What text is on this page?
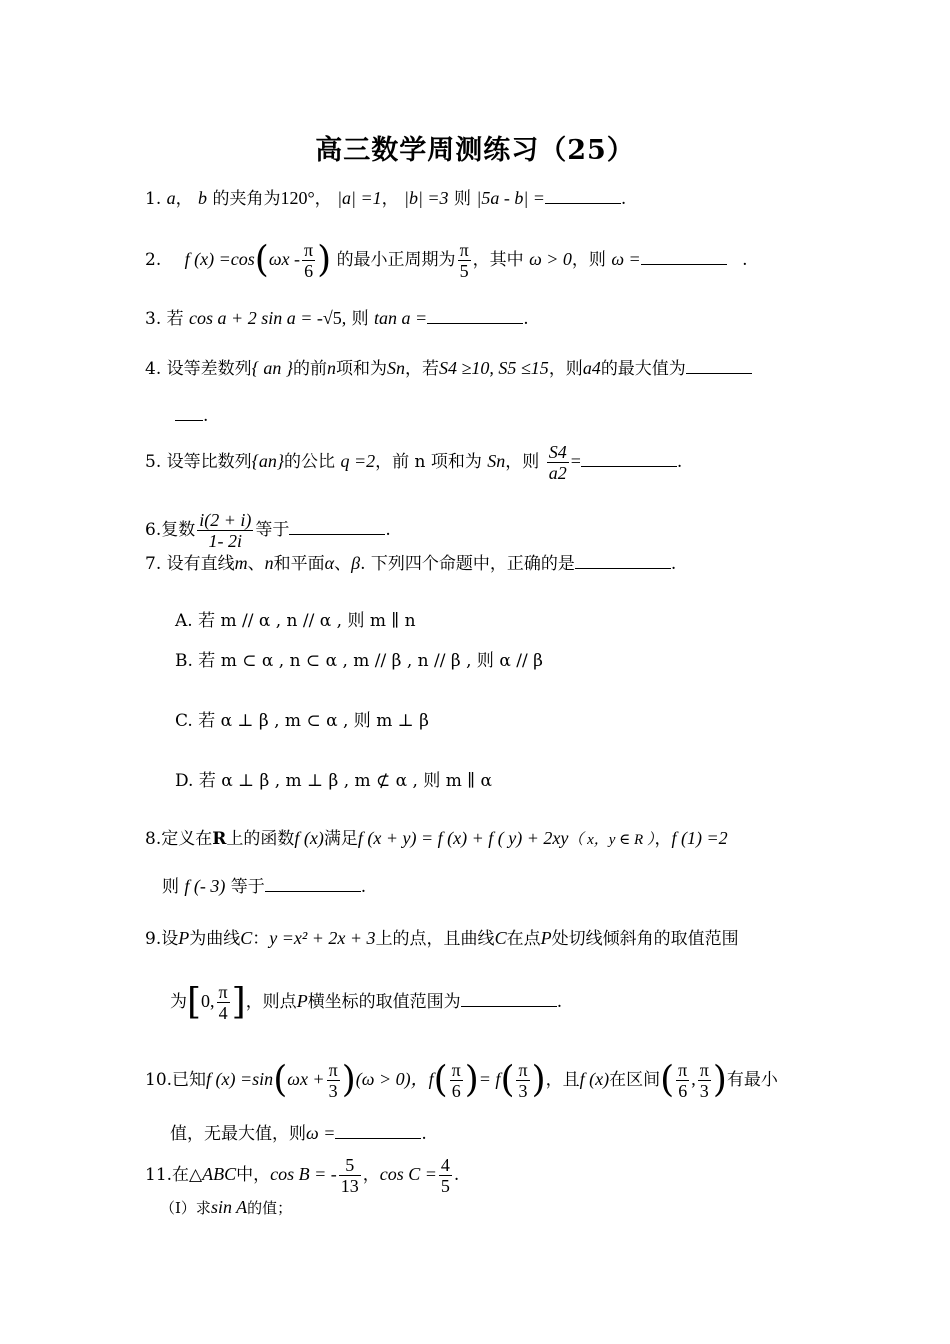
高三数学周测练习（25）
1. a， b 的夹角为120°， |a| =1， |b| =3 则 |5a - b| =	.
2. f $(x) =\cos(\omega x - \frac{\pi}{6}$ ) 的最小正周期为 $\frac{\pi}{5}$ ，其中 ω > 0，则 ω =	.
3. 若 cos a + 2 sin a = -√5, 则 tan a =	.
4. 设等差数列{ an }的前n项和为Sn，若S4 ≥10, S5 ≤15，则a4的最大值为
.
5. 设等比数列{an}的公比 q =2，前 n 项和为 Sn，则 $\frac{S4}{a2}$ =	.
6.复数 $\frac{i(2 + i)}{1- 2i}$ 等于	.
7. 设有直线m、n和平面α、β. 下列四个命题中，正确的是	.
A. 若 m // α , n // α , 则 m ∥ n
B. 若 m ⊂ α , n ⊂ α , m // β , n // β , 则 α // β
C. 若 α ⊥ β , m ⊂ α , 则 m ⊥ β
D. 若 α ⊥ β , m ⊥ β , m ⊄ α , 则 m ∥ α
8.定义在R上的函数f (x)满足f (x + y) = f (x) + f ( y) + 2xy（ x，y ∈ R ），f (1) =2
则 f (- 3) 等于	.
9.设P为曲线C：y =x² + 2x + 3上的点，且曲线C在点P处切线倾斜角的取值范围
为[0, $\frac{\pi}{4}$ ]，则点P横坐标的取值范围为	.
10.已知f $(x) =\sin(\omega x + \frac{\pi}{3} )(\omega > 0)$，$f( \frac{\pi}{6}$ )= $f( \frac{\pi}{3}$ )，且f (x)在区间( $\frac{\pi}{6}$ , $\frac{\pi}{3}$ )有最小
值，无最大值，则ω =	.
11.在△ABC中，cos B = - $\frac{5}{13}$ ，$\cos C = \frac{4}{5}$ .
（Ⅰ）求sin A的值；
